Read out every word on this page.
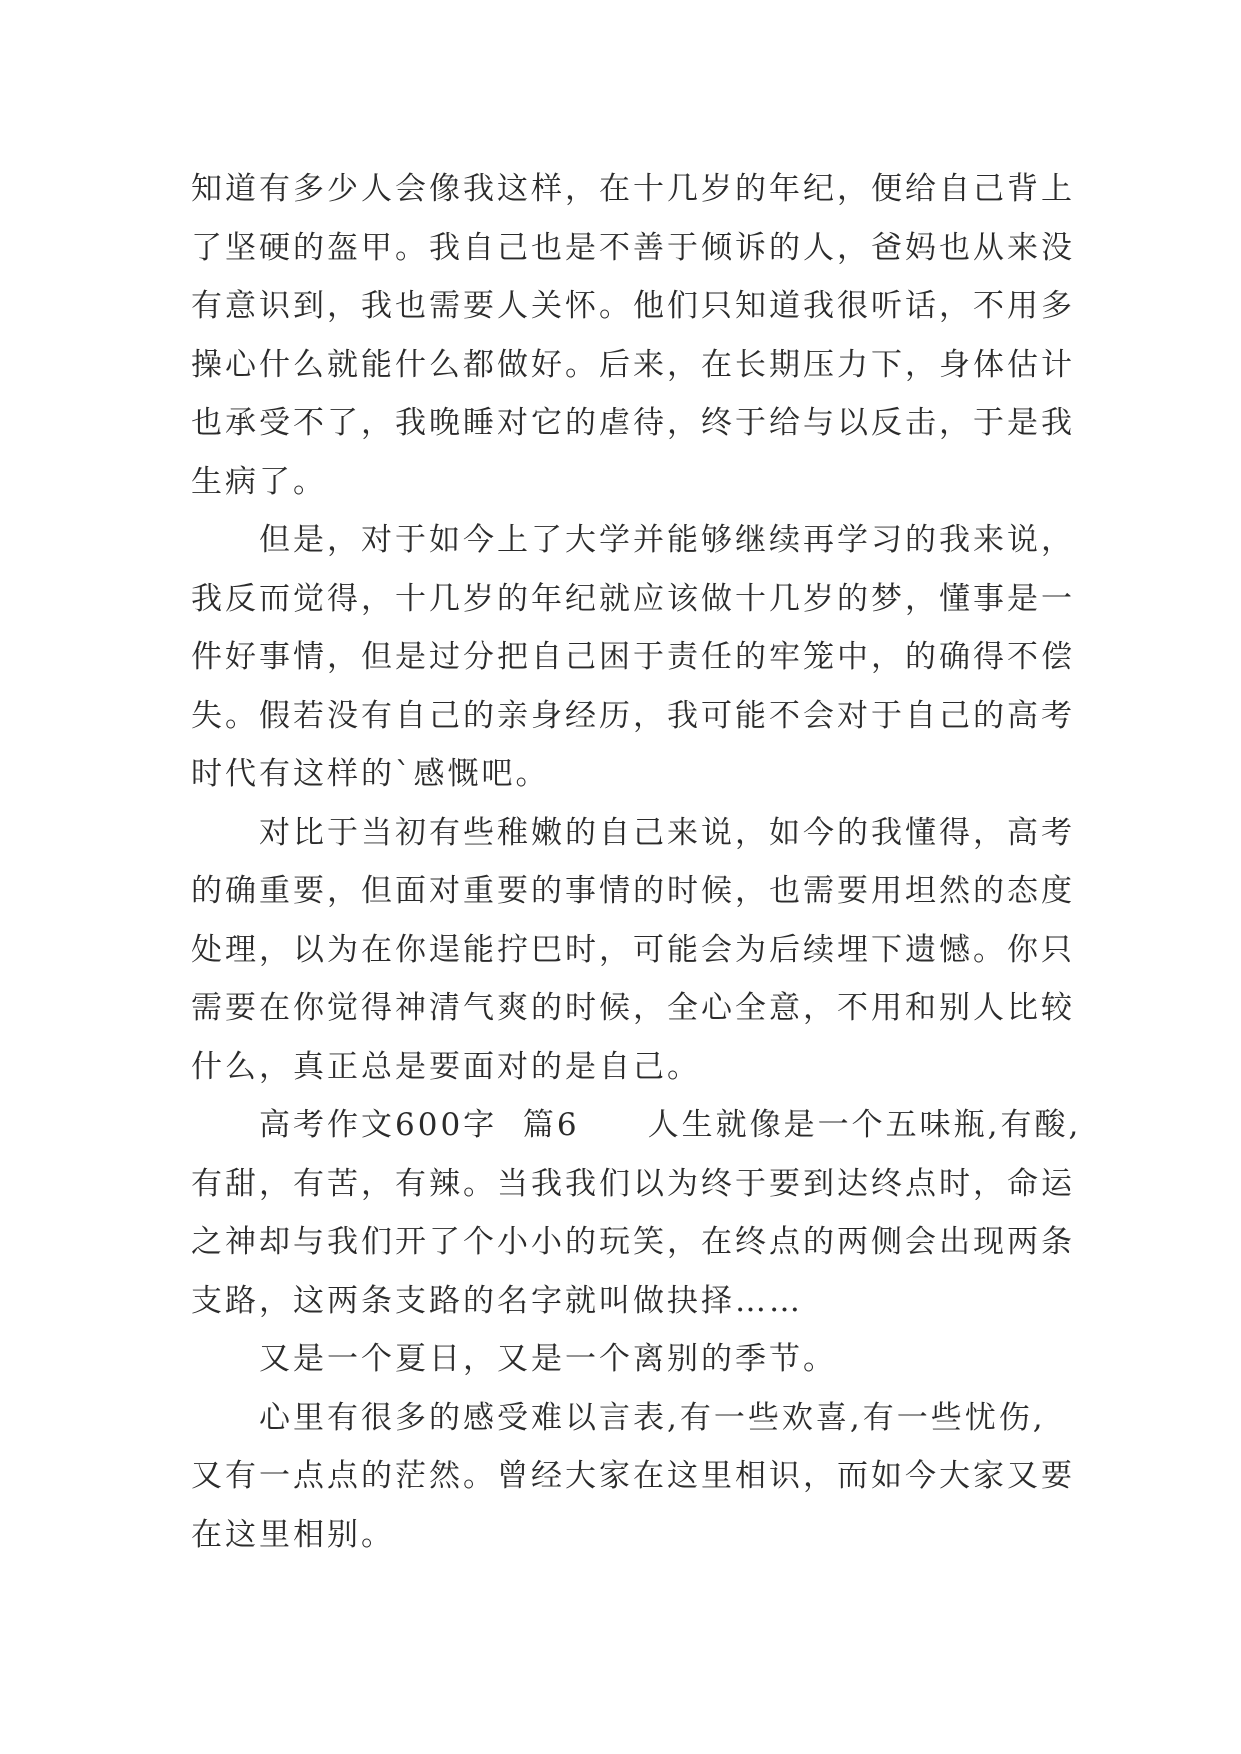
知道有多少人会像我这样，在十几岁的年纪，便给自己背上
了坚硬的盔甲。我自己也是不善于倾诉的人，爸妈也从来没
有意识到，我也需要人关怀。他们只知道我很听话，不用多
操心什么就能什么都做好。后来，在长期压力下，身体估计
也承受不了，我晚睡对它的虐待，终于给与以反击，于是我
生病了。
　　但是，对于如今上了大学并能够继续再学习的我来说，
我反而觉得，十几岁的年纪就应该做十几岁的梦，懂事是一
件好事情，但是过分把自己困于责任的牢笼中，的确得不偿
失。假若没有自己的亲身经历，我可能不会对于自己的高考
时代有这样的`感慨吧。
　　对比于当初有些稚嫩的自己来说，如今的我懂得，高考
的确重要，但面对重要的事情的时候，也需要用坦然的态度
处理，以为在你逞能拧巴时，可能会为后续埋下遗憾。你只
需要在你觉得神清气爽的时候，全心全意，不用和别人比较
什么，真正总是要面对的是自己。
　　高考作文600字  篇6　　人生就像是一个五味瓶,有酸,
有甜，有苦，有辣。当我我们以为终于要到达终点时，命运
之神却与我们开了个小小的玩笑，在终点的两侧会出现两条
支路，这两条支路的名字就叫做抉择……
　　又是一个夏日，又是一个离别的季节。
　　心里有很多的感受难以言表,有一些欢喜,有一些忧伤,
又有一点点的茫然。曾经大家在这里相识，而如今大家又要
在这里相别。
